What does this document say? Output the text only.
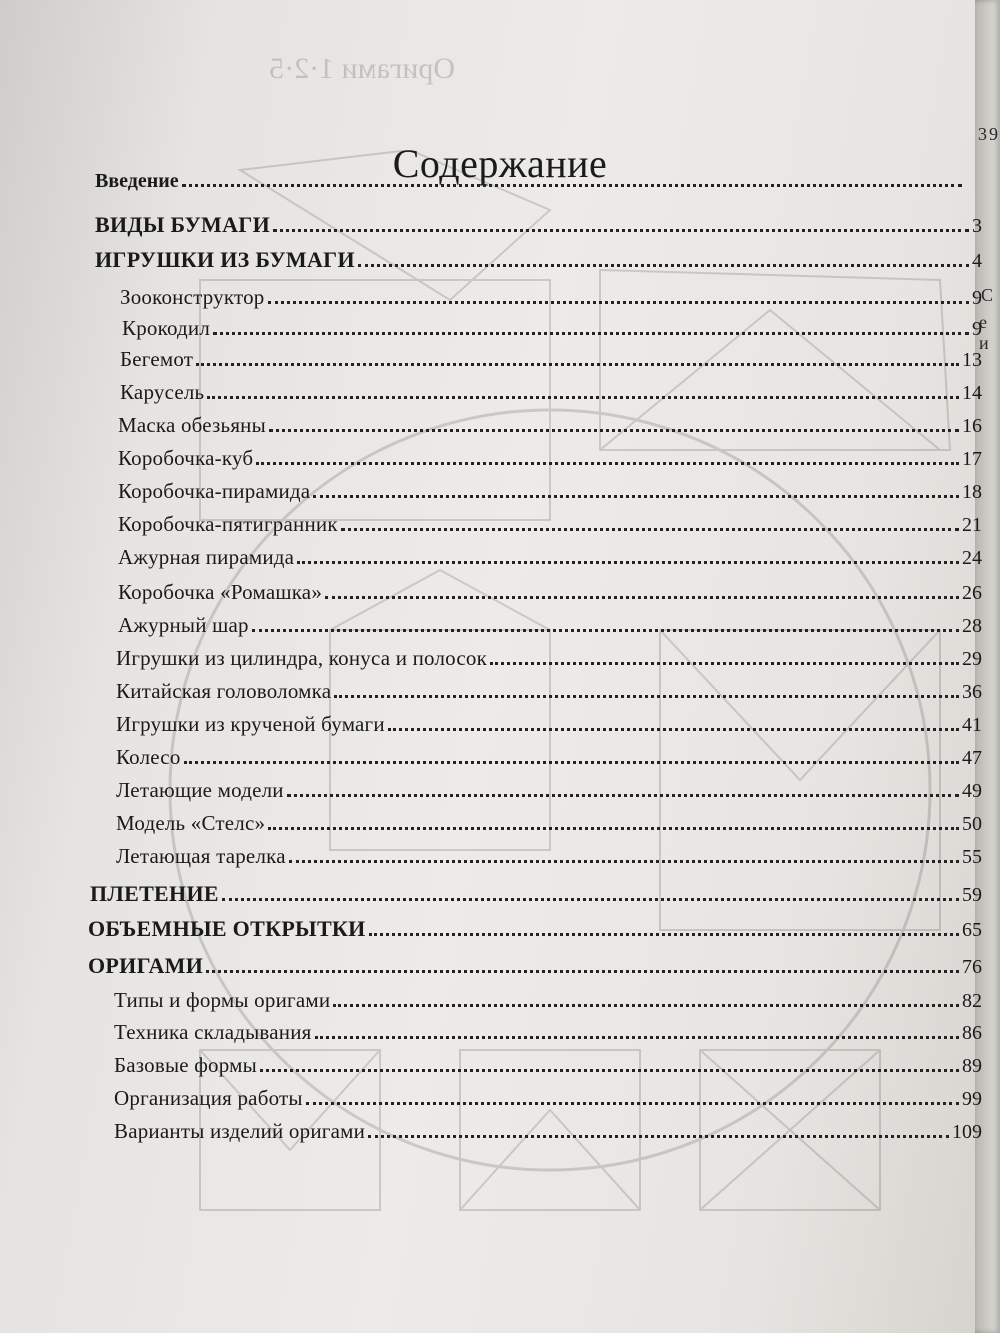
Оригами 1·2·5
3 9
C
е
и
Содержание
Введение
ВИДЫ БУМАГИ	3
ИГРУШКИ ИЗ БУМАГИ	4
Зооконструктор	9
Крокодил	9
Бегемот	13
Карусель	14
Маска обезьяны	16
Коробочка-куб	17
Коробочка-пирамида	18
Коробочка-пятигранник	21
Ажурная пирамида	24
Коробочка «Ромашка»	26
Ажурный шар	28
Игрушки из цилиндра, конуса и полосок	29
Китайская головоломка	36
Игрушки из крученой бумаги	41
Колесо	47
Летающие модели	49
Модель «Стелс»	50
Летающая тарелка	55
ПЛЕТЕНИЕ	59
ОБЪЕМНЫЕ ОТКРЫТКИ	65
ОРИГАМИ	76
Типы и формы оригами	82
Техника складывания	86
Базовые формы	89
Организация работы	99
Варианты изделий оригами	109
